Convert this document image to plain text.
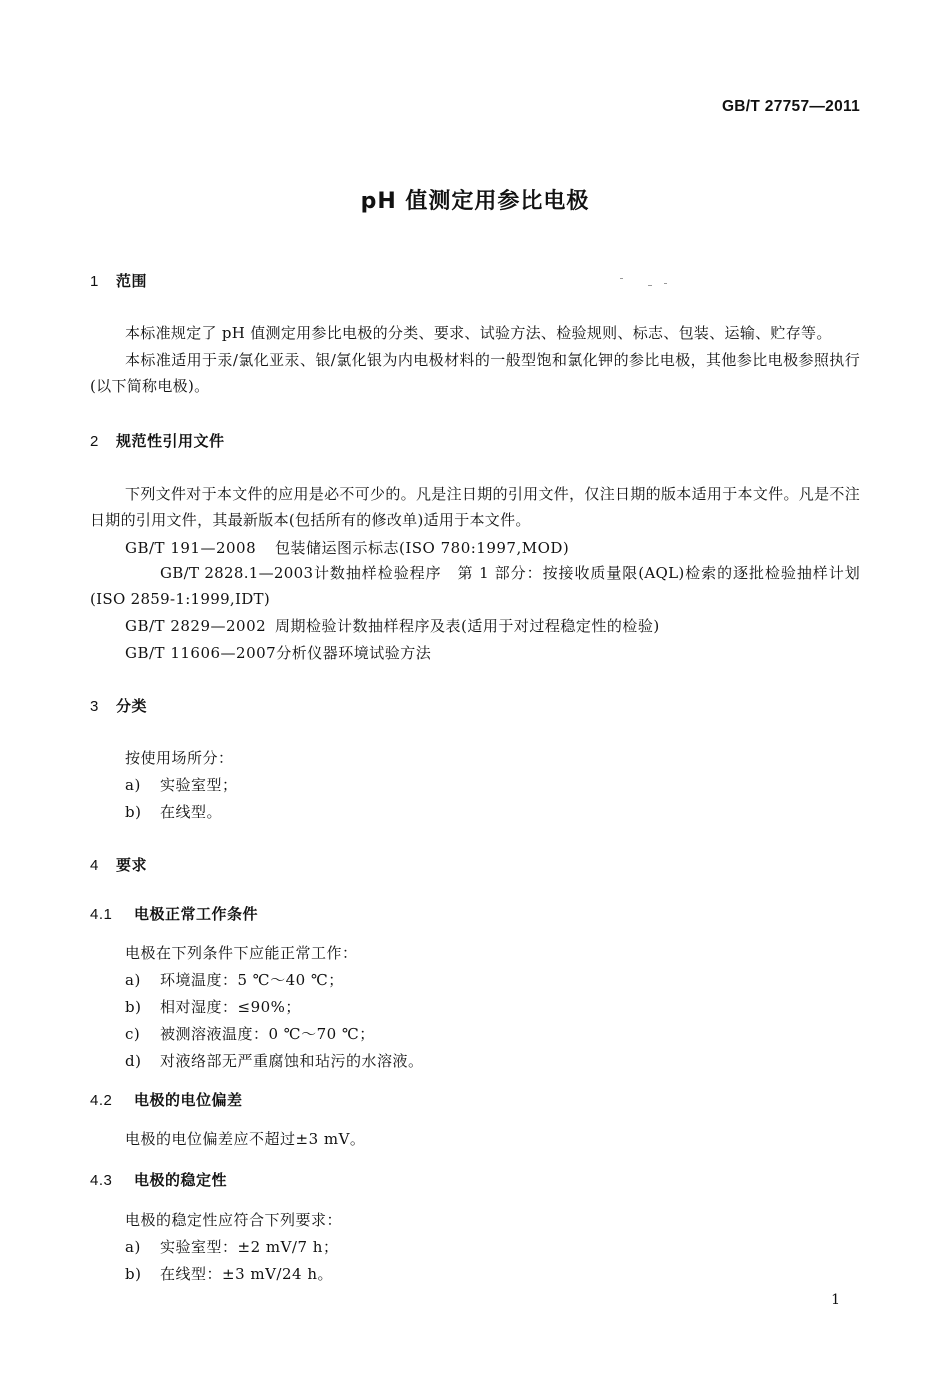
GB/T 27757—2011
pH 值测定用参比电极
1 范围
本标准规定了 pH 值测定用参比电极的分类、要求、试验方法、检验规则、标志、包装、运输、贮存等。
本标准适用于汞/氯化亚汞、银/氯化银为内电极材料的一般型饱和氯化钾的参比电极，其他参比电极参照执行(以下简称电极)。
2 规范性引用文件
下列文件对于本文件的应用是必不可少的。凡是注日期的引用文件，仅注日期的版本适用于本文件。凡是不注日期的引用文件，其最新版本(包括所有的修改单)适用于本文件。
GB/T 191—2008 包装储运图示标志(ISO 780:1997,MOD)
GB/T 2828.1—2003计数抽样检验程序　第 1 部分：按接收质量限(AQL)检索的逐批检验抽样计划(ISO 2859-1:1999,IDT)
GB/T 2829—2002 周期检验计数抽样程序及表(适用于对过程稳定性的检验)
GB/T 11606—2007分析仪器环境试验方法
3 分类
按使用场所分：
a) 实验室型；
b) 在线型。
4 要求
4.1 电极正常工作条件
电极在下列条件下应能正常工作：
a) 环境温度：5 ℃～40 ℃；
b) 相对湿度：≤90%；
c) 被测溶液温度：0 ℃～70 ℃；
d) 对液络部无严重腐蚀和玷污的水溶液。
4.2 电极的电位偏差
电极的电位偏差应不超过±3 mV。
4.3 电极的稳定性
电极的稳定性应符合下列要求：
a) 实验室型：±2 mV/7 h；
b) 在线型：±3 mV/24 h。
1
